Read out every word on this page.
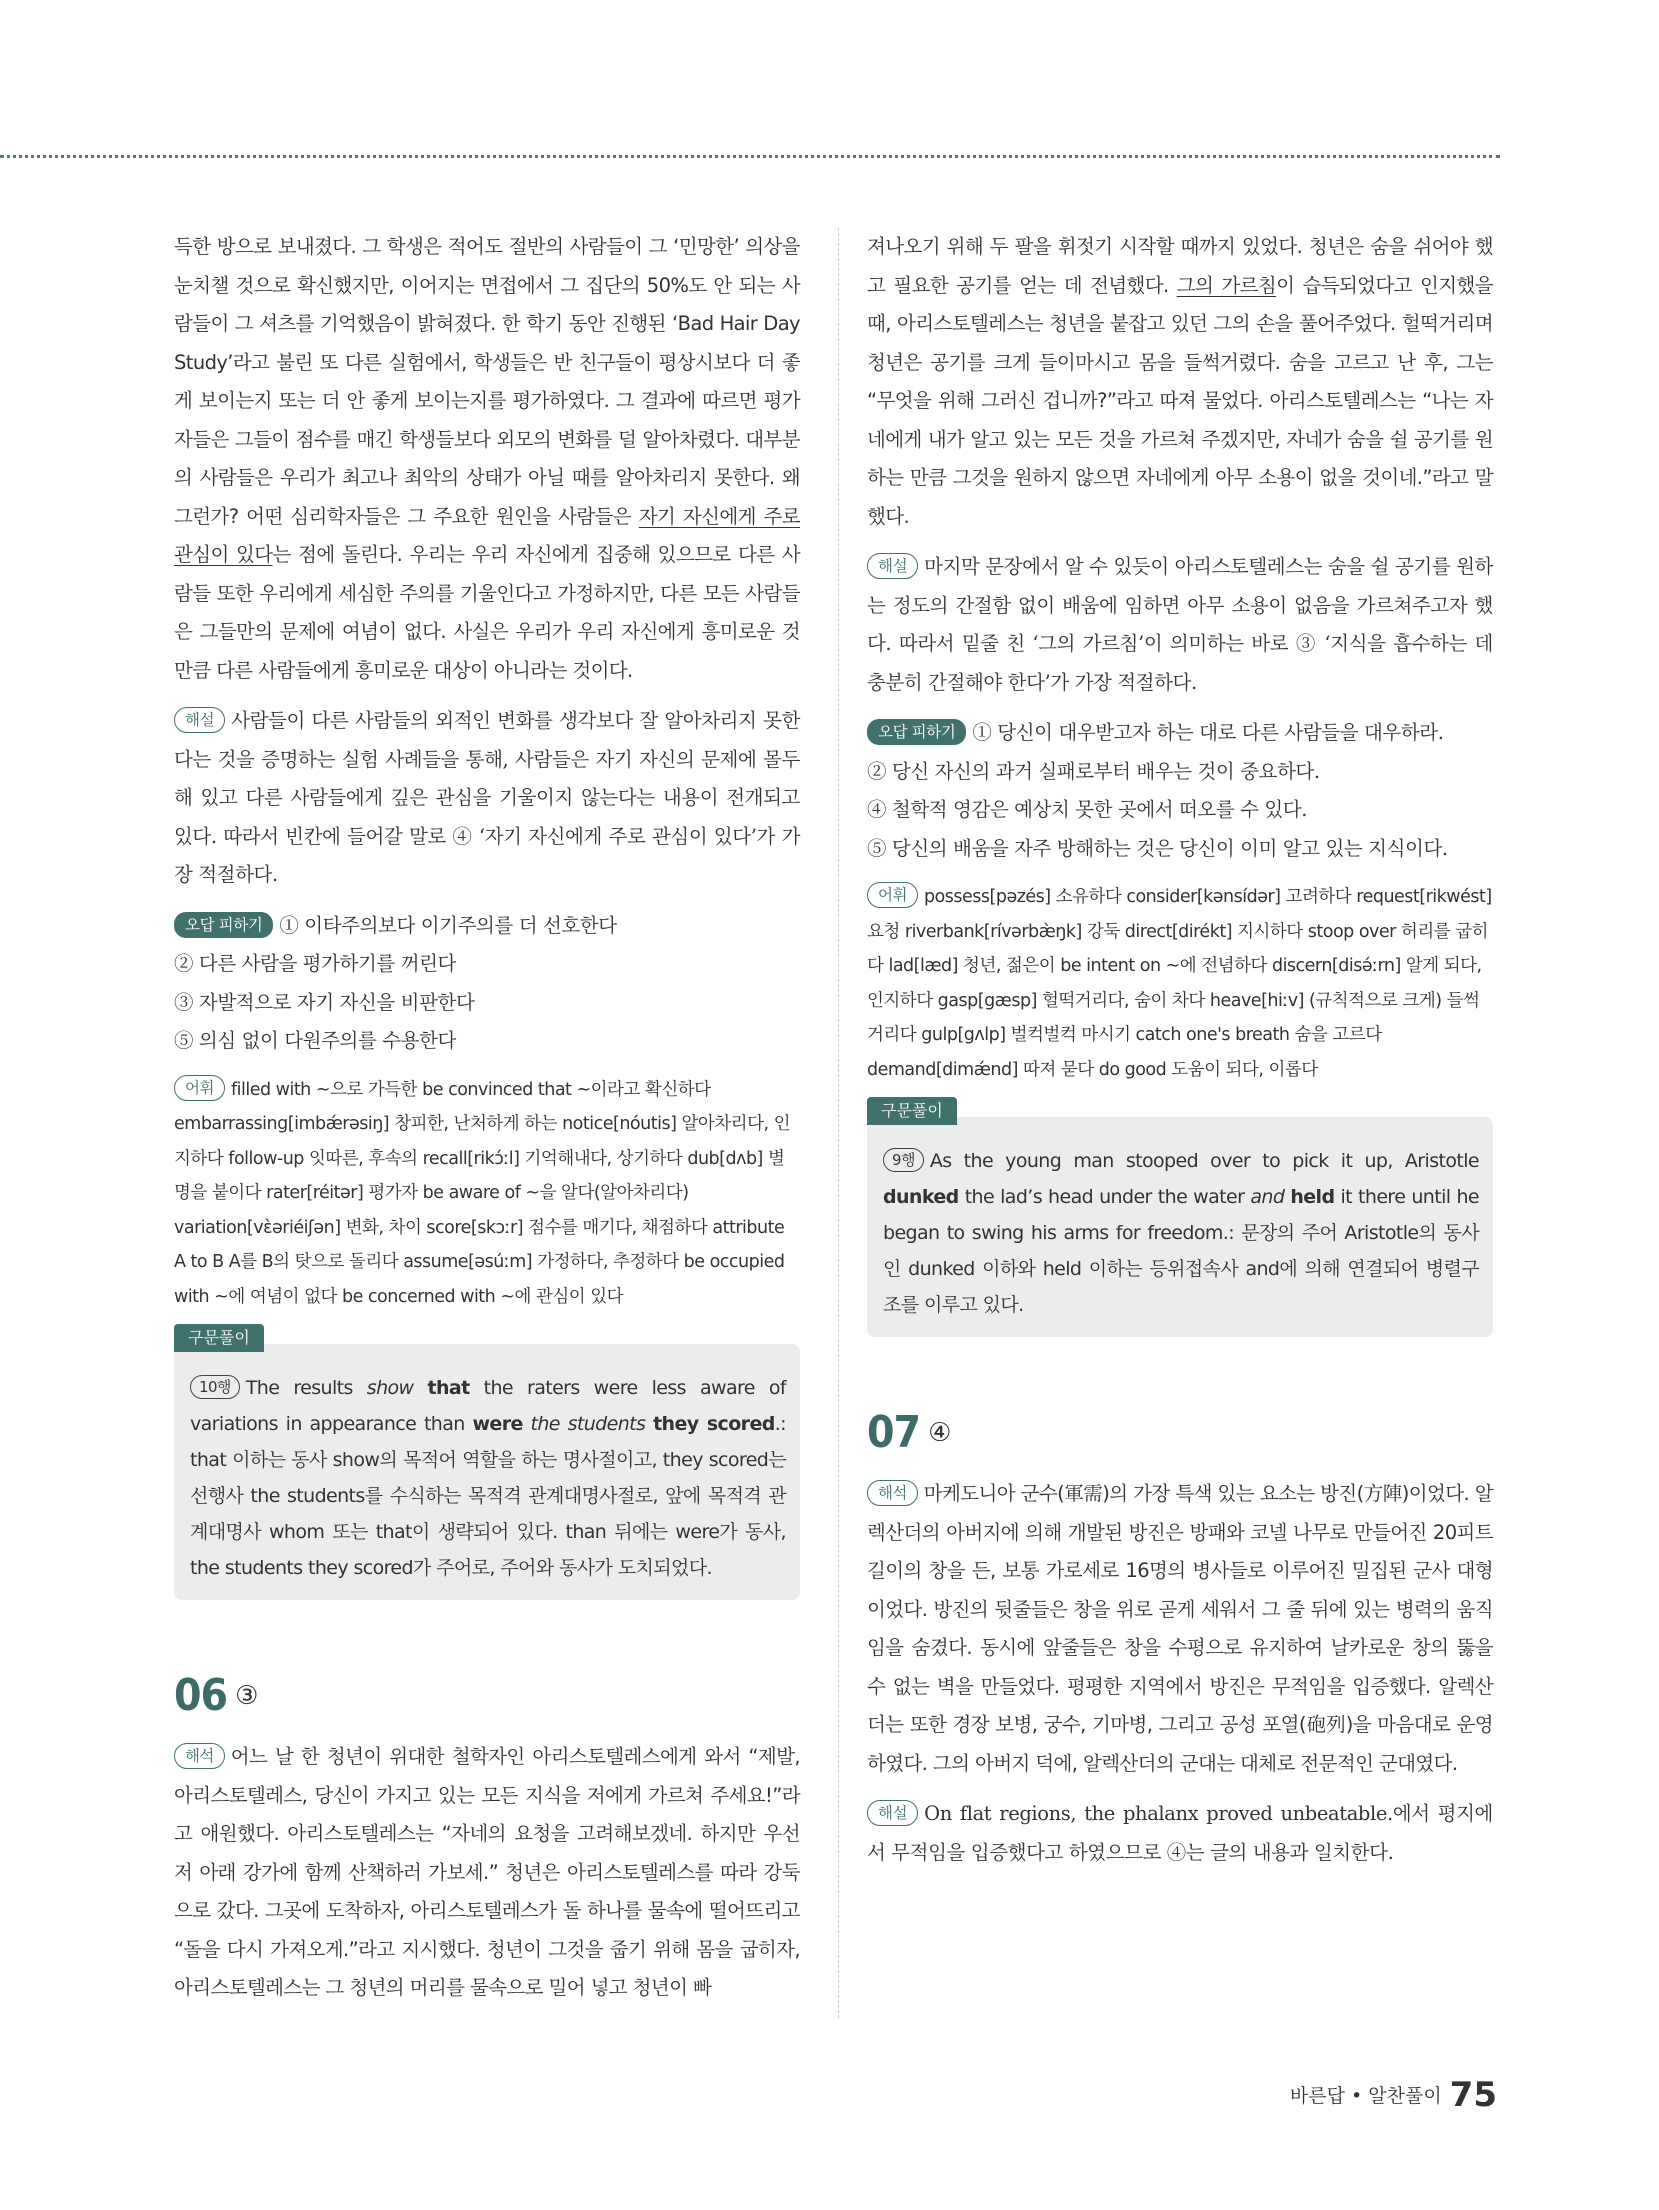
득한 방으로 보내졌다. 그 학생은 적어도 절반의 사람들이 그 ‘민망한’ 의상을 눈치챌 것으로 확신했지만, 이어지는 면접에서 그 집단의 50%도 안 되는 사람들이 그 셔츠를 기억했음이 밝혀졌다. 한 학기 동안 진행된 ‘Bad Hair Day Study’라고 불린 또 다른 실험에서, 학생들은 반 친구들이 평상시보다 더 좋게 보이는지 또는 더 안 좋게 보이는지를 평가하였다. 그 결과에 따르면 평가자들은 그들이 점수를 매긴 학생들보다 외모의 변화를 덜 알아차렸다. 대부분의 사람들은 우리가 최고나 최악의 상태가 아닐 때를 알아차리지 못한다. 왜 그런가? 어떤 심리학자들은 그 주요한 원인을 사람들은 자기 자신에게 주로 관심이 있다는 점에 돌린다. 우리는 우리 자신에게 집중해 있으므로 다른 사람들 또한 우리에게 세심한 주의를 기울인다고 가정하지만, 다른 모든 사람들은 그들만의 문제에 여념이 없다. 사실은 우리가 우리 자신에게 흥미로운 것만큼 다른 사람들에게 흥미로운 대상이 아니라는 것이다.

해설 사람들이 다른 사람들의 외적인 변화를 생각보다 잘 알아차리지 못한다는 것을 증명하는 실험 사례들을 통해, 사람들은 자기 자신의 문제에 몰두해 있고 다른 사람들에게 깊은 관심을 기울이지 않는다는 내용이 전개되고 있다. 따라서 빈칸에 들어갈 말로 ④ ‘자기 자신에게 주로 관심이 있다’가 가장 적절하다.

오답 피하기 ① 이타주의보다 이기주의를 더 선호한다

② 다른 사람을 평가하기를 꺼린다

③ 자발적으로 자기 자신을 비판한다

⑤ 의심 없이 다원주의를 수용한다

어휘 filled with ~으로 가득한 be convinced that ~이라고 확신하다 embarrassing[imbǽrəsiŋ] 창피한, 난처하게 하는 notice[nóutis] 알아차리다, 인지하다 follow-up 잇따른, 후속의 recall[rikɔ́ːl] 기억해내다, 상기하다 dub[dʌb] 별명을 붙이다 rater[réitər] 평가자 be aware of ~을 알다(알아차리다) variation[vὲəriéiʃən] 변화, 차이 score[skɔːr] 점수를 매기다, 채점하다 attribute A to B A를 B의 탓으로 돌리다 assume[əsúːm] 가정하다, 추정하다 be occupied with ~에 여념이 없다 be concerned with ~에 관심이 있다

구문풀이

10행 The results show that the raters were less aware of variations in appearance than were the students they scored.: that 이하는 동사 show의 목적어 역할을 하는 명사절이고, they scored는 선행사 the students를 수식하는 목적격 관계대명사절로, 앞에 목적격 관계대명사 whom 또는 that이 생략되어 있다. than 뒤에는 were가 동사, the students they scored가 주어로, 주어와 동사가 도치되었다.

06 ③

해석 어느 날 한 청년이 위대한 철학자인 아리스토텔레스에게 와서 “제발, 아리스토텔레스, 당신이 가지고 있는 모든 지식을 저에게 가르쳐 주세요!”라고 애원했다. 아리스토텔레스는 “자네의 요청을 고려해보겠네. 하지만 우선 저 아래 강가에 함께 산책하러 가보세.” 청년은 아리스토텔레스를 따라 강둑으로 갔다. 그곳에 도착하자, 아리스토텔레스가 돌 하나를 물속에 떨어뜨리고 “돌을 다시 가져오게.”라고 지시했다. 청년이 그것을 줍기 위해 몸을 굽히자, 아리스토텔레스는 그 청년의 머리를 물속으로 밀어 넣고 청년이 빠

져나오기 위해 두 팔을 휘젓기 시작할 때까지 있었다. 청년은 숨을 쉬어야 했고 필요한 공기를 얻는 데 전념했다. 그의 가르침이 습득되었다고 인지했을 때, 아리스토텔레스는 청년을 붙잡고 있던 그의 손을 풀어주었다. 헐떡거리며 청년은 공기를 크게 들이마시고 몸을 들썩거렸다. 숨을 고르고 난 후, 그는 “무엇을 위해 그러신 겁니까?”라고 따져 물었다. 아리스토텔레스는 “나는 자네에게 내가 알고 있는 모든 것을 가르쳐 주겠지만, 자네가 숨을 쉴 공기를 원하는 만큼 그것을 원하지 않으면 자네에게 아무 소용이 없을 것이네.”라고 말했다.

해설 마지막 문장에서 알 수 있듯이 아리스토텔레스는 숨을 쉴 공기를 원하는 정도의 간절함 없이 배움에 임하면 아무 소용이 없음을 가르쳐주고자 했다. 따라서 밑줄 친 ‘그의 가르침’이 의미하는 바로 ③ ‘지식을 흡수하는 데 충분히 간절해야 한다’가 가장 적절하다.

오답 피하기 ① 당신이 대우받고자 하는 대로 다른 사람들을 대우하라.

② 당신 자신의 과거 실패로부터 배우는 것이 중요하다.

④ 철학적 영감은 예상치 못한 곳에서 떠오를 수 있다.

⑤ 당신의 배움을 자주 방해하는 것은 당신이 이미 알고 있는 지식이다.

어휘 possess[pəzés] 소유하다 consider[kənsídər] 고려하다 request[rikwést] 요청 riverbank[rívərbæ̀ŋk] 강둑 direct[dirékt] 지시하다 stoop over 허리를 굽히다 lad[læd] 청년, 젊은이 be intent on ~에 전념하다 discern[disə́ːrn] 알게 되다, 인지하다 gasp[gæsp] 헐떡거리다, 숨이 차다 heave[hiːv] (규칙적으로 크게) 들썩거리다 gulp[gʌlp] 벌컥벌컥 마시기 catch one's breath 숨을 고르다 demand[dimǽnd] 따져 묻다 do good 도움이 되다, 이롭다

구문풀이

9행 As the young man stooped over to pick it up, Aristotle dunked the lad’s head under the water and held it there until he began to swing his arms for freedom.: 문장의 주어 Aristotle의 동사인 dunked 이하와 held 이하는 등위접속사 and에 의해 연결되어 병렬구조를 이루고 있다.

07 ④

해석 마케도니아 군수(軍需)의 가장 특색 있는 요소는 방진(方陣)이었다. 알렉산더의 아버지에 의해 개발된 방진은 방패와 코넬 나무로 만들어진 20피트 길이의 창을 든, 보통 가로세로 16명의 병사들로 이루어진 밀집된 군사 대형이었다. 방진의 뒷줄들은 창을 위로 곧게 세워서 그 줄 뒤에 있는 병력의 움직임을 숨겼다. 동시에 앞줄들은 창을 수평으로 유지하여 날카로운 창의 뚫을 수 없는 벽을 만들었다. 평평한 지역에서 방진은 무적임을 입증했다. 알렉산더는 또한 경장 보병, 궁수, 기마병, 그리고 공성 포열(砲列)을 마음대로 운영하였다. 그의 아버지 덕에, 알렉산더의 군대는 대체로 전문적인 군대였다.

해설 On flat regions, the phalanx proved unbeatable.에서 평지에서 무적임을 입증했다고 하였으므로 ④는 글의 내용과 일치한다.

바른답 • 알찬풀이 75
